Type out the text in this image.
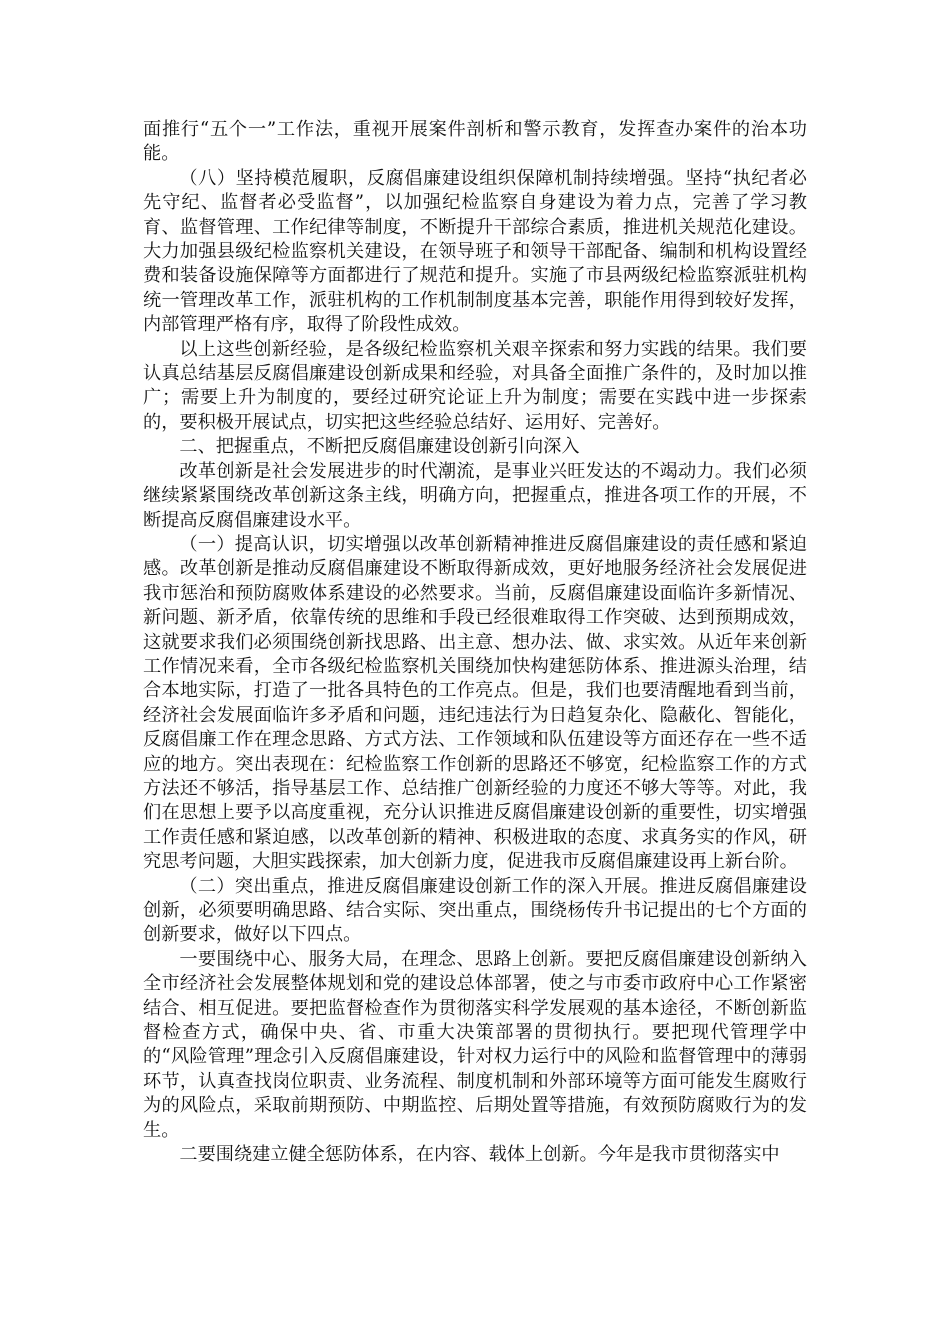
面推行“五个一”工作法，重视开展案件剖析和警示教育，发挥查办案件的治本功能。

（八）坚持模范履职，反腐倡廉建设组织保障机制持续增强。坚持“执纪者必先守纪、监督者必受监督”，以加强纪检监察自身建设为着力点，完善了学习教育、监督管理、工作纪律等制度，不断提升干部综合素质，推进机关规范化建设。大力加强县级纪检监察机关建设，在领导班子和领导干部配备、编制和机构设置经费和装备设施保障等方面都进行了规范和提升。实施了市县两级纪检监察派驻机构统一管理改革工作，派驻机构的工作机制制度基本完善，职能作用得到较好发挥，内部管理严格有序，取得了阶段性成效。

以上这些创新经验，是各级纪检监察机关艰辛探索和努力实践的结果。我们要认真总结基层反腐倡廉建设创新成果和经验，对具备全面推广条件的，及时加以推广；需要上升为制度的，要经过研究论证上升为制度；需要在实践中进一步探索的，要积极开展试点，切实把这些经验总结好、运用好、完善好。

二、把握重点，不断把反腐倡廉建设创新引向深入

改革创新是社会发展进步的时代潮流，是事业兴旺发达的不竭动力。我们必须继续紧紧围绕改革创新这条主线，明确方向，把握重点，推进各项工作的开展，不断提高反腐倡廉建设水平。

（一）提高认识，切实增强以改革创新精神推进反腐倡廉建设的责任感和紧迫感。改革创新是推动反腐倡廉建设不断取得新成效，更好地服务经济社会发展促进我市惩治和预防腐败体系建设的必然要求。当前，反腐倡廉建设面临许多新情况、新问题、新矛盾，依靠传统的思维和手段已经很难取得工作突破、达到预期成效，这就要求我们必须围绕创新找思路、出主意、想办法、做、求实效。从近年来创新工作情况来看，全市各级纪检监察机关围绕加快构建惩防体系、推进源头治理，结合本地实际，打造了一批各具特色的工作亮点。但是，我们也要清醒地看到当前，经济社会发展面临许多矛盾和问题，违纪违法行为日趋复杂化、隐蔽化、智能化，反腐倡廉工作在理念思路、方式方法、工作领域和队伍建设等方面还存在一些不适应的地方。突出表现在：纪检监察工作创新的思路还不够宽，纪检监察工作的方式方法还不够活，指导基层工作、总结推广创新经验的力度还不够大等等。对此，我们在思想上要予以高度重视，充分认识推进反腐倡廉建设创新的重要性，切实增强工作责任感和紧迫感，以改革创新的精神、积极进取的态度、求真务实的作风，研究思考问题，大胆实践探索，加大创新力度，促进我市反腐倡廉建设再上新台阶。

（二）突出重点，推进反腐倡廉建设创新工作的深入开展。推进反腐倡廉建设创新，必须要明确思路、结合实际、突出重点，围绕杨传升书记提出的七个方面的创新要求，做好以下四点。

一要围绕中心、服务大局，在理念、思路上创新。要把反腐倡廉建设创新纳入全市经济社会发展整体规划和党的建设总体部署，使之与市委市政府中心工作紧密结合、相互促进。要把监督检查作为贯彻落实科学发展观的基本途径，不断创新监督检查方式，确保中央、省、市重大决策部署的贯彻执行。要把现代管理学中的“风险管理”理念引入反腐倡廉建设，针对权力运行中的风险和监督管理中的薄弱环节，认真查找岗位职责、业务流程、制度机制和外部环境等方面可能发生腐败行为的风险点，采取前期预防、中期监控、后期处置等措施，有效预防腐败行为的发生。

二要围绕建立健全惩防体系，在内容、载体上创新。今年是我市贯彻落实中
